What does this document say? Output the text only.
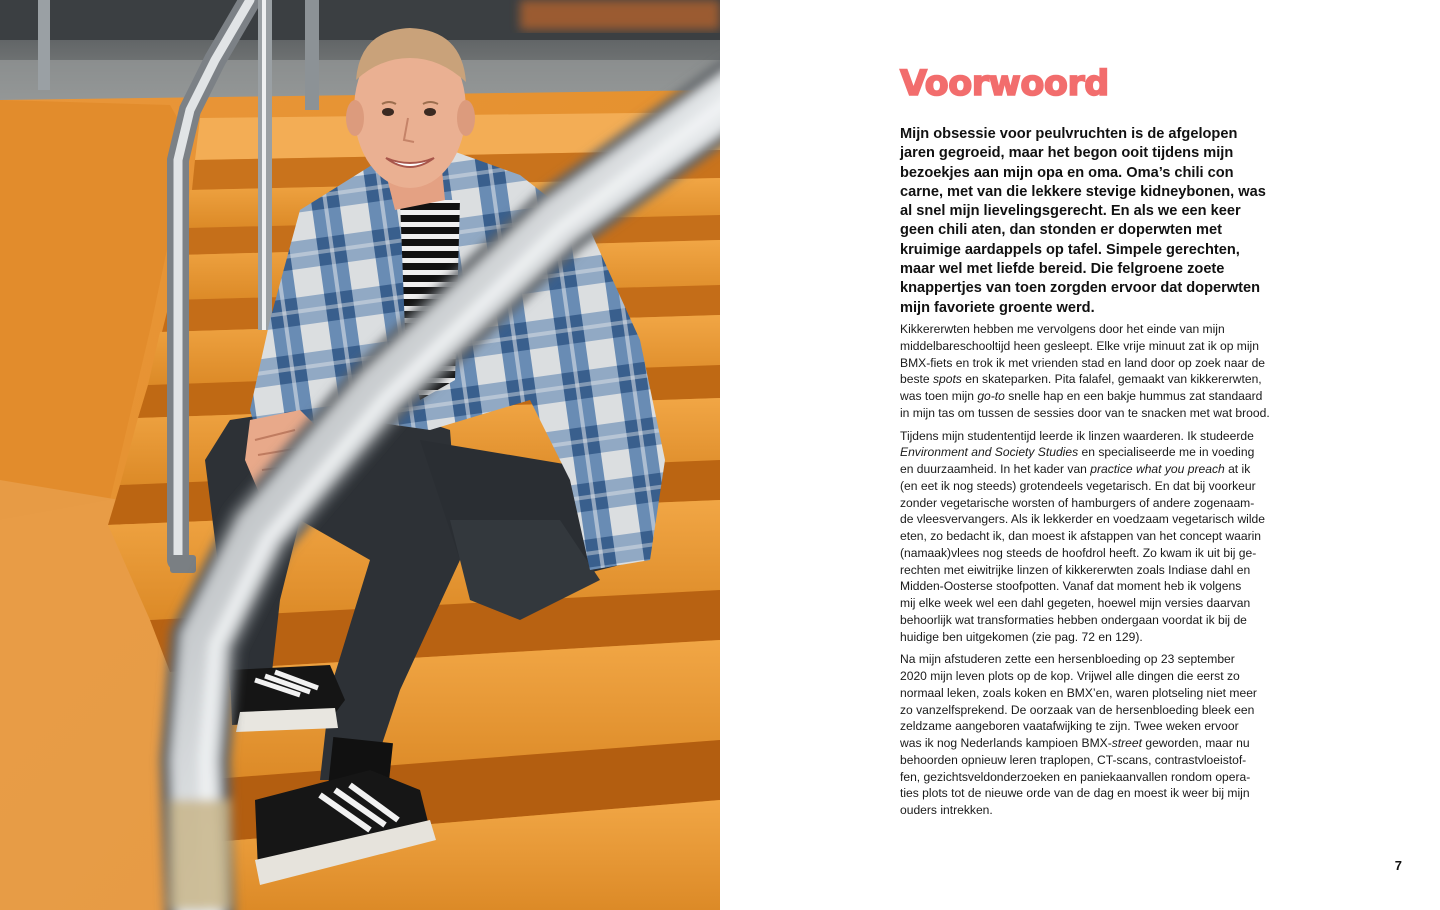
Voorwoord

Mijn obsessie voor peulvruchten is de afgelopen jaren gegroeid, maar het begon ooit tijdens mijn bezoekjes aan mijn opa en oma. Oma’s chili con carne, met van die lekkere stevige kidneybonen, was al snel mijn lievelingsgerecht. En als we een keer geen chili aten, dan stonden er doperwten met kruimige aardappels op tafel. Simpele gerechten, maar wel met liefde bereid. Die felgroene zoete knappertjes van toen zorgden ervoor dat doperwten mijn favoriete groente werd.

Kikkererwten hebben me vervolgens door het einde van mijn
middelbareschooltijd heen gesleept. Elke vrije minuut zat ik op mijn
BMX-fiets en trok ik met vrienden stad en land door op zoek naar de
beste spots en skateparken. Pita falafel, gemaakt van kikkererwten,
was toen mijn go-to snelle hap en een bakje hummus zat standaard
in mijn tas om tussen de sessies door van te snacken met wat brood.

Tijdens mijn studententijd leerde ik linzen waarderen. Ik studeerde
Environment and Society Studies en specialiseerde me in voeding
en duurzaamheid. In het kader van practice what you preach at ik
(en eet ik nog steeds) grotendeels vegetarisch. En dat bij voorkeur
zonder vegetarische worsten of hamburgers of andere zogenaam-
de vleesvervangers. Als ik lekkerder en voedzaam vegetarisch wilde
eten, zo bedacht ik, dan moest ik afstappen van het concept waarin
(namaak)vlees nog steeds de hoofdrol heeft. Zo kwam ik uit bij ge-
rechten met eiwitrijke linzen of kikkererwten zoals Indiase dahl en
Midden-Oosterse stoofpotten. Vanaf dat moment heb ik volgens
mij elke week wel een dahl gegeten, hoewel mijn versies daarvan
behoorlijk wat transformaties hebben ondergaan voordat ik bij de
huidige ben uitgekomen (zie pag. 72 en 129).

Na mijn afstuderen zette een hersenbloeding op 23 september
2020 mijn leven plots op de kop. Vrijwel alle dingen die eerst zo
normaal leken, zoals koken en BMX’en, waren plotseling niet meer
zo vanzelfsprekend. De oorzaak van de hersenbloeding bleek een
zeldzame aangeboren vaatafwijking te zijn. Twee weken ervoor
was ik nog Nederlands kampioen BMX-street geworden, maar nu
behoorden opnieuw leren traplopen, CT-scans, contrastvloeistof-
fen, gezichtsveldonderzoeken en paniekaanvallen rondom opera-
ties plots tot de nieuwe orde van de dag en moest ik weer bij mijn
ouders intrekken.

7
